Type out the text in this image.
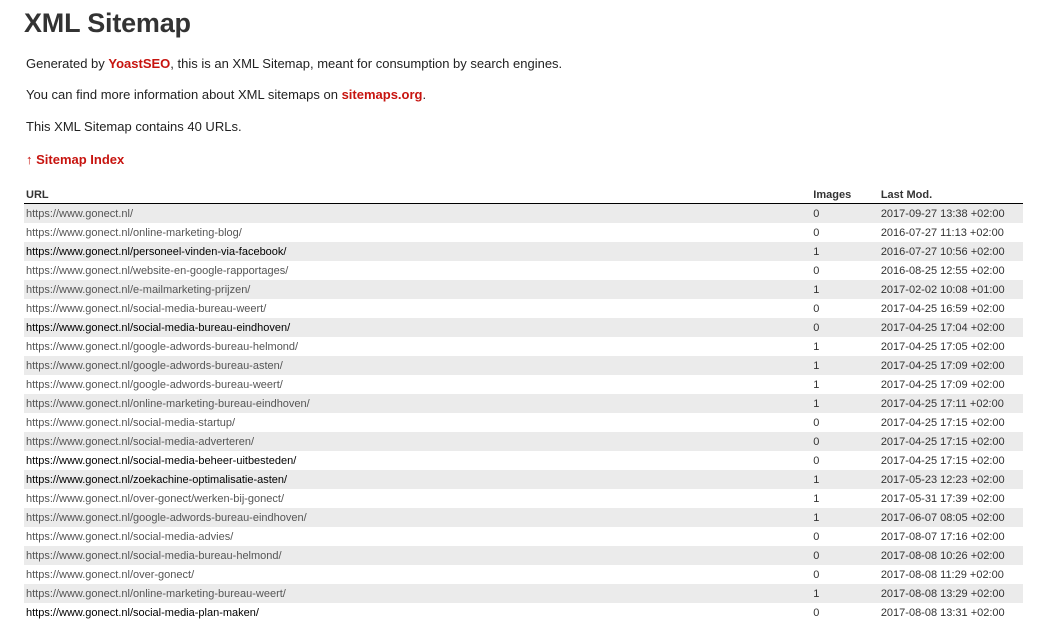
XML Sitemap

Generated by YoastSEO, this is an XML Sitemap, meant for consumption by search engines.

You can find more information about XML sitemaps on sitemaps.org.

This XML Sitemap contains 40 URLs.

↑ Sitemap Index
URL	Images	Last Mod.
https://www.gonect.nl/	0	2017-09-27 13:38 +02:00
https://www.gonect.nl/online-marketing-blog/	0	2016-07-27 11:13 +02:00
https://www.gonect.nl/personeel-vinden-via-facebook/	1	2016-07-27 10:56 +02:00
https://www.gonect.nl/website-en-google-rapportages/	0	2016-08-25 12:55 +02:00
https://www.gonect.nl/e-mailmarketing-prijzen/	1	2017-02-02 10:08 +01:00
https://www.gonect.nl/social-media-bureau-weert/	0	2017-04-25 16:59 +02:00
https://www.gonect.nl/social-media-bureau-eindhoven/	0	2017-04-25 17:04 +02:00
https://www.gonect.nl/google-adwords-bureau-helmond/	1	2017-04-25 17:05 +02:00
https://www.gonect.nl/google-adwords-bureau-asten/	1	2017-04-25 17:09 +02:00
https://www.gonect.nl/google-adwords-bureau-weert/	1	2017-04-25 17:09 +02:00
https://www.gonect.nl/online-marketing-bureau-eindhoven/	1	2017-04-25 17:11 +02:00
https://www.gonect.nl/social-media-startup/	0	2017-04-25 17:15 +02:00
https://www.gonect.nl/social-media-adverteren/	0	2017-04-25 17:15 +02:00
https://www.gonect.nl/social-media-beheer-uitbesteden/	0	2017-04-25 17:15 +02:00
https://www.gonect.nl/zoekachine-optimalisatie-asten/	1	2017-05-23 12:23 +02:00
https://www.gonect.nl/over-gonect/werken-bij-gonect/	1	2017-05-31 17:39 +02:00
https://www.gonect.nl/google-adwords-bureau-eindhoven/	1	2017-06-07 08:05 +02:00
https://www.gonect.nl/social-media-advies/	0	2017-08-07 17:16 +02:00
https://www.gonect.nl/social-media-bureau-helmond/	0	2017-08-08 10:26 +02:00
https://www.gonect.nl/over-gonect/	0	2017-08-08 11:29 +02:00
https://www.gonect.nl/online-marketing-bureau-weert/	1	2017-08-08 13:29 +02:00
https://www.gonect.nl/social-media-plan-maken/	0	2017-08-08 13:31 +02:00
